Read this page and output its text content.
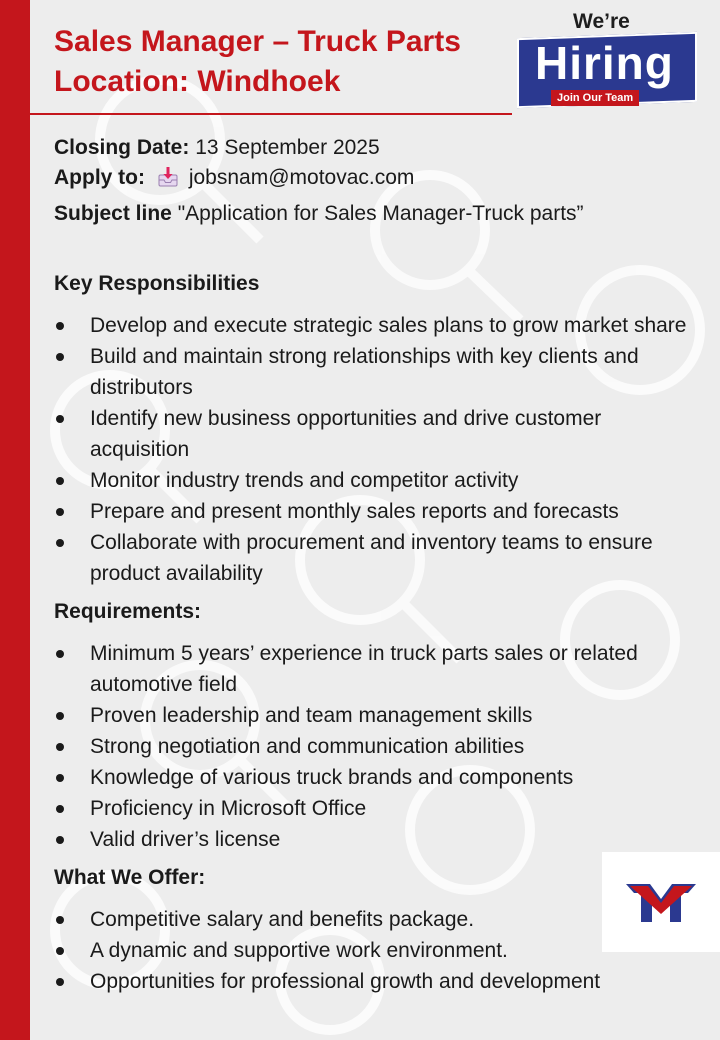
Sales Manager – Truck Parts

Location: Windhoek

We’re
Hiring
Join Our Team

Closing Date: 13 September 2025

Apply to: jobsnam@motovac.com

Subject line "Application for Sales Manager-Truck parts”

Key Responsibilities

Develop and execute strategic sales plans to grow market share
Build and maintain strong relationships with key clients and distributors
Identify new business opportunities and drive customer acquisition
Monitor industry trends and competitor activity
Prepare and present monthly sales reports and forecasts
Collaborate with procurement and inventory teams to ensure product availability

Requirements:

Minimum 5 years’ experience in truck parts sales or related automotive field
Proven leadership and team management skills
Strong negotiation and communication abilities
Knowledge of various truck brands and components
Proficiency in Microsoft Office
Valid driver’s license

What We Offer:

Competitive salary and benefits package.
A dynamic and supportive work environment.
Opportunities for professional growth and development
